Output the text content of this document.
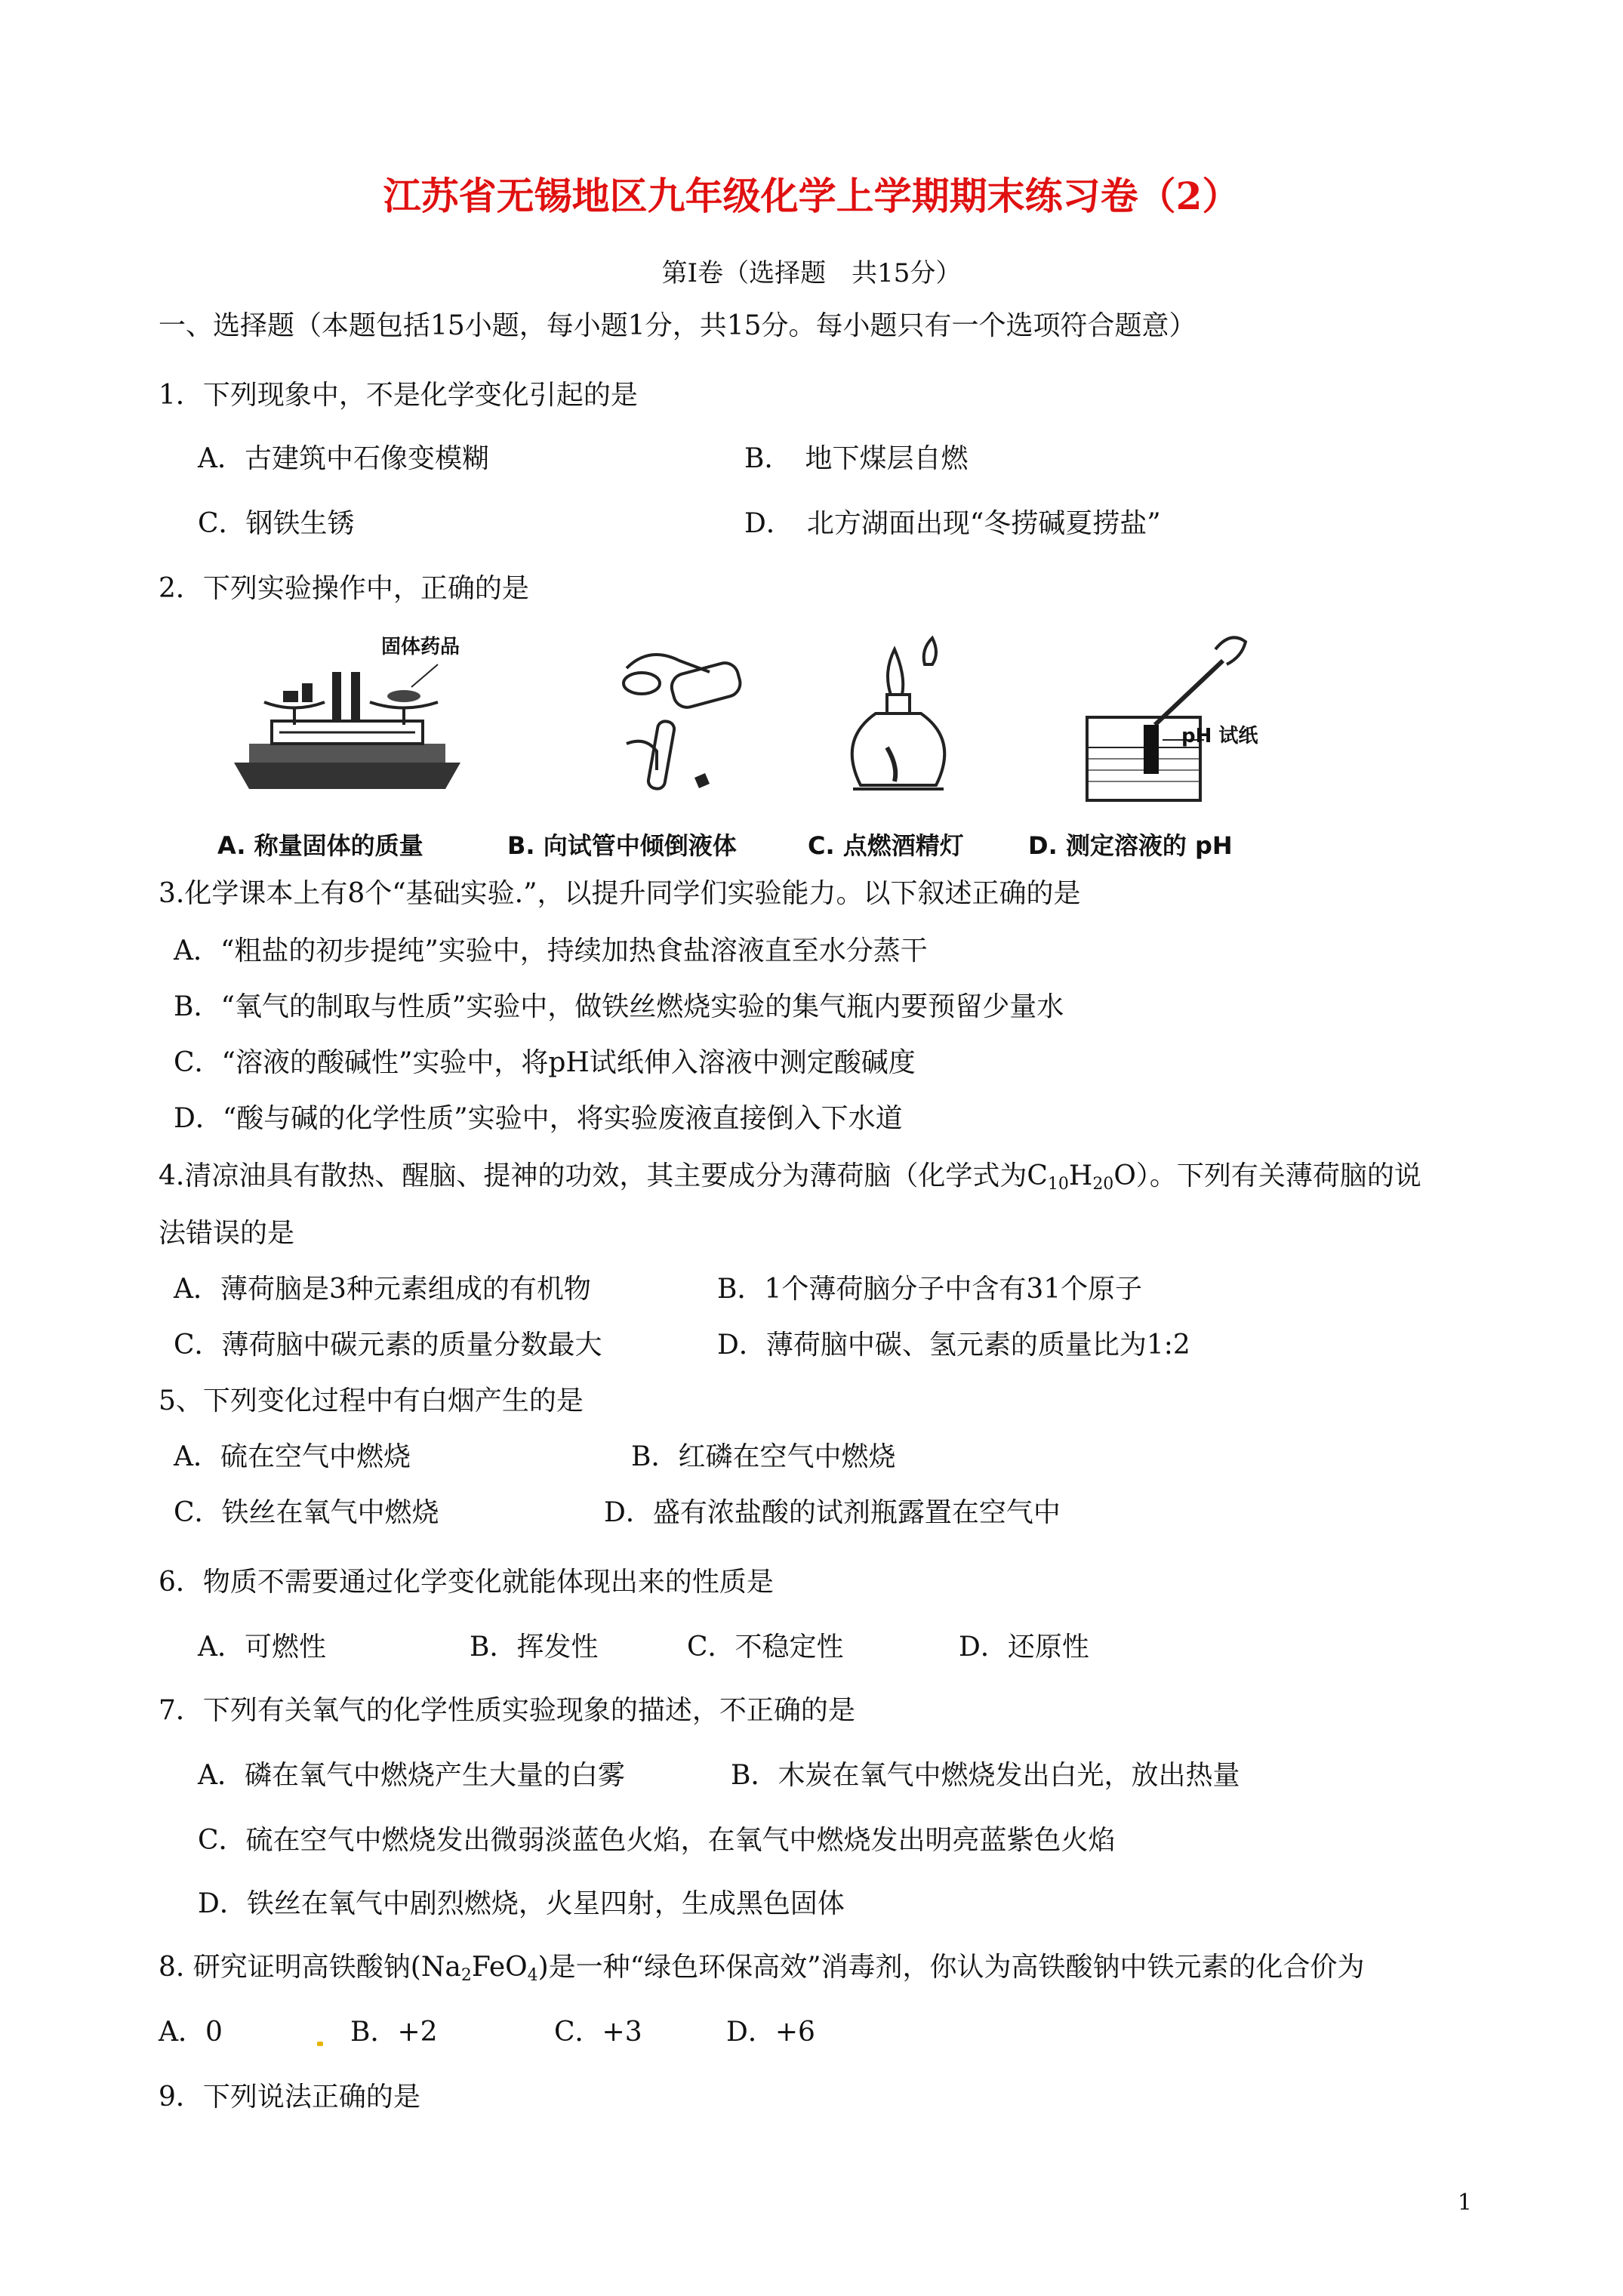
江苏省无锡地区九年级化学上学期期末练习卷（2）
第I卷（选择题　共15分）
一、选择题（本题包括15小题，每小题1分，共15分。每小题只有一个选项符合题意）
1．下列现象中，不是化学变化引起的是
A．古建筑中石像变模糊	B．　地下煤层自燃
C．钢铁生锈	D．　北方湖面出现“冬捞碱夏捞盐”
2．下列实验操作中，正确的是
固体药品
pH 试纸
A. 称量固体的质量	B. 向试管中倾倒液体	C. 点燃酒精灯	D. 测定溶液的 pH
3.化学课本上有8个“基础实验.”，以提升同学们实验能力。以下叙述正确的是
A．“粗盐的初步提纯”实验中，持续加热食盐溶液直至水分蒸干
B．“氧气的制取与性质”实验中，做铁丝燃烧实验的集气瓶内要预留少量水
C．“溶液的酸碱性”实验中，将pH试纸伸入溶液中测定酸碱度
D．“酸与碱的化学性质”实验中，将实验废液直接倒入下水道
4.清凉油具有散热、醒脑、提神的功效，其主要成分为薄荷脑（化学式为$C_{10}H_{20}O$）。下列有关薄荷脑的说
法错误的是
A．薄荷脑是3种元素组成的有机物	B．1个薄荷脑分子中含有31个原子
C．薄荷脑中碳元素的质量分数最大	D．薄荷脑中碳、氢元素的质量比为1:2
5、下列变化过程中有白烟产生的是
A．硫在空气中燃烧	B．红磷在空气中燃烧
C．铁丝在氧气中燃烧	D．盛有浓盐酸的试剂瓶露置在空气中
6．物质不需要通过化学变化就能体现出来的性质是
A．可燃性	B．挥发性	C．不稳定性	D．还原性
7．下列有关氧气的化学性质实验现象的描述，不正确的是
A．磷在氧气中燃烧产生大量的白雾	B．木炭在氧气中燃烧发出白光，放出热量
C．硫在空气中燃烧发出微弱淡蓝色火焰，在氧气中燃烧发出明亮蓝紫色火焰
D．铁丝在氧气中剧烈燃烧，火星四射，生成黑色固体
8. 研究证明高铁酸钠$(Na_2FeO_4)$是一种“绿色环保高效”消毒剂，你认为高铁酸钠中铁元素的化合价为
A．0	B．+2	C．+3	D．+6
9．下列说法正确的是
1
